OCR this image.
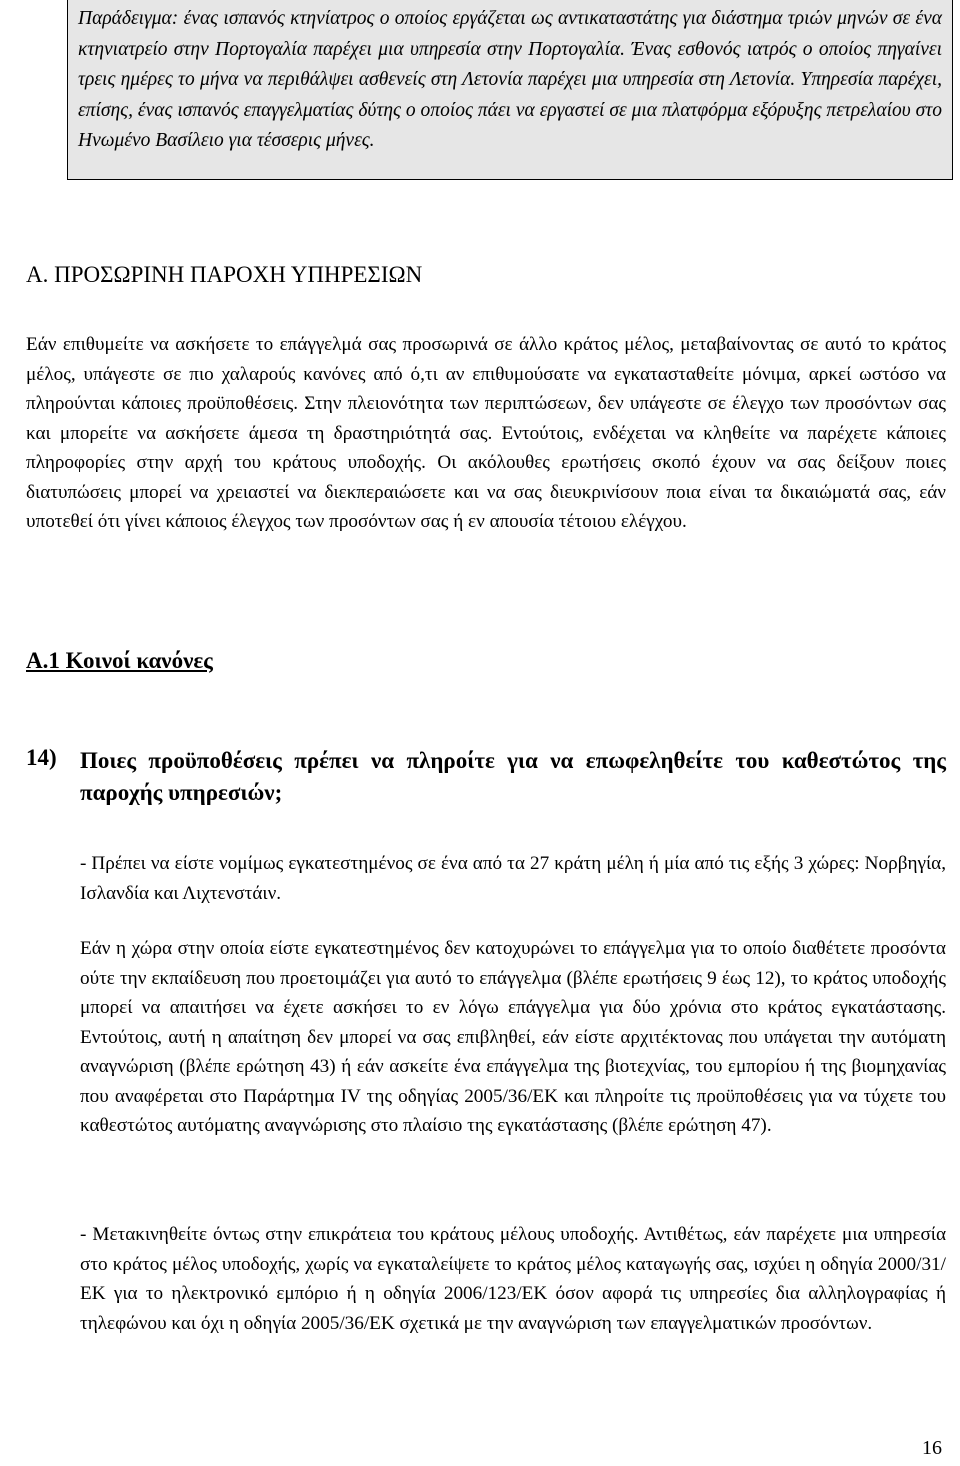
Παράδειγμα: ένας ισπανός κτηνίατρος ο οποίος εργάζεται ως αντικαταστάτης για διάστημα τριών μηνών σε ένα κτηνιατρείο στην Πορτογαλία παρέχει μια υπηρεσία στην Πορτογαλία. Ένας εσθονός ιατρός ο οποίος πηγαίνει τρεις ημέρες το μήνα να περιθάλψει ασθενείς στη Λετονία παρέχει μια υπηρεσία στη Λετονία. Υπηρεσία παρέχει, επίσης, ένας ισπανός επαγγελματίας δύτης ο οποίος πάει να εργαστεί σε μια πλατφόρμα εξόρυξης πετρελαίου στο Ηνωμένο Βασίλειο για τέσσερις μήνες.
Α. ΠΡΟΣΩΡΙΝΗ ΠΑΡΟΧΗ ΥΠΗΡΕΣΙΩΝ

Εάν επιθυμείτε να ασκήσετε το επάγγελμά σας προσωρινά σε άλλο κράτος μέλος, μεταβαίνοντας σε αυτό το κράτος μέλος, υπάγεστε σε πιο χαλαρούς κανόνες από ό,τι αν επιθυμούσατε να εγκατασταθείτε μόνιμα, αρκεί ωστόσο να πληρούνται κάποιες προϋποθέσεις. Στην πλειονότητα των περιπτώσεων, δεν υπάγεστε σε έλεγχο των προσόντων σας και μπορείτε να ασκήσετε άμεσα τη δραστηριότητά σας. Εντούτοις, ενδέχεται να κληθείτε να παρέχετε κάποιες πληροφορίες στην αρχή του κράτους υποδοχής. Οι ακόλουθες ερωτήσεις σκοπό έχουν να σας δείξουν ποιες διατυπώσεις μπορεί να χρειαστεί να διεκπεραιώσετε και να σας διευκρινίσουν ποια είναι τα δικαιώματά σας, εάν υποτεθεί ότι γίνει κάποιος έλεγχος των προσόντων σας ή εν απουσία τέτοιου ελέγχου.

Α.1 Κοινοί κανόνες
14) Ποιες προϋποθέσεις πρέπει να πληροίτε για να επωφεληθείτε του καθεστώτος της παροχής υπηρεσιών;

- Πρέπει να είστε νομίμως εγκατεστημένος σε ένα από τα 27 κράτη μέλη ή μία από τις εξής 3 χώρες: Νορβηγία, Ισλανδία και Λιχτενστάιν.

Εάν η χώρα στην οποία είστε εγκατεστημένος δεν κατοχυρώνει το επάγγελμα για το οποίο διαθέτετε προσόντα ούτε την εκπαίδευση που προετοιμάζει για αυτό το επάγγελμα (βλέπε ερωτήσεις 9 έως 12), το κράτος υποδοχής μπορεί να απαιτήσει να έχετε ασκήσει το εν λόγω επάγγελμα για δύο χρόνια στο κράτος εγκατάστασης. Εντούτοις, αυτή η απαίτηση δεν μπορεί να σας επιβληθεί, εάν είστε αρχιτέκτονας που υπάγεται την αυτόματη αναγνώριση (βλέπε ερώτηση 43) ή εάν ασκείτε ένα επάγγελμα της βιοτεχνίας, του εμπορίου ή της βιομηχανίας που αναφέρεται στο Παράρτημα IV της οδηγίας 2005/36/ΕΚ και πληροίτε τις προϋποθέσεις για να τύχετε του καθεστώτος αυτόματης αναγνώρισης στο πλαίσιο της εγκατάστασης (βλέπε ερώτηση 47).

- Μετακινηθείτε όντως στην επικράτεια του κράτους μέλους υποδοχής. Αντιθέτως, εάν παρέχετε μια υπηρεσία στο κράτος μέλος υποδοχής, χωρίς να εγκαταλείψετε το κράτος μέλος καταγωγής σας, ισχύει η οδηγία 2000/31/ΕΚ για το ηλεκτρονικό εμπόριο ή η οδηγία 2006/123/ΕΚ όσον αφορά τις υπηρεσίες δια αλληλογραφίας ή τηλεφώνου και όχι η οδηγία 2005/36/ΕΚ σχετικά με την αναγνώριση των επαγγελματικών προσόντων.

16
